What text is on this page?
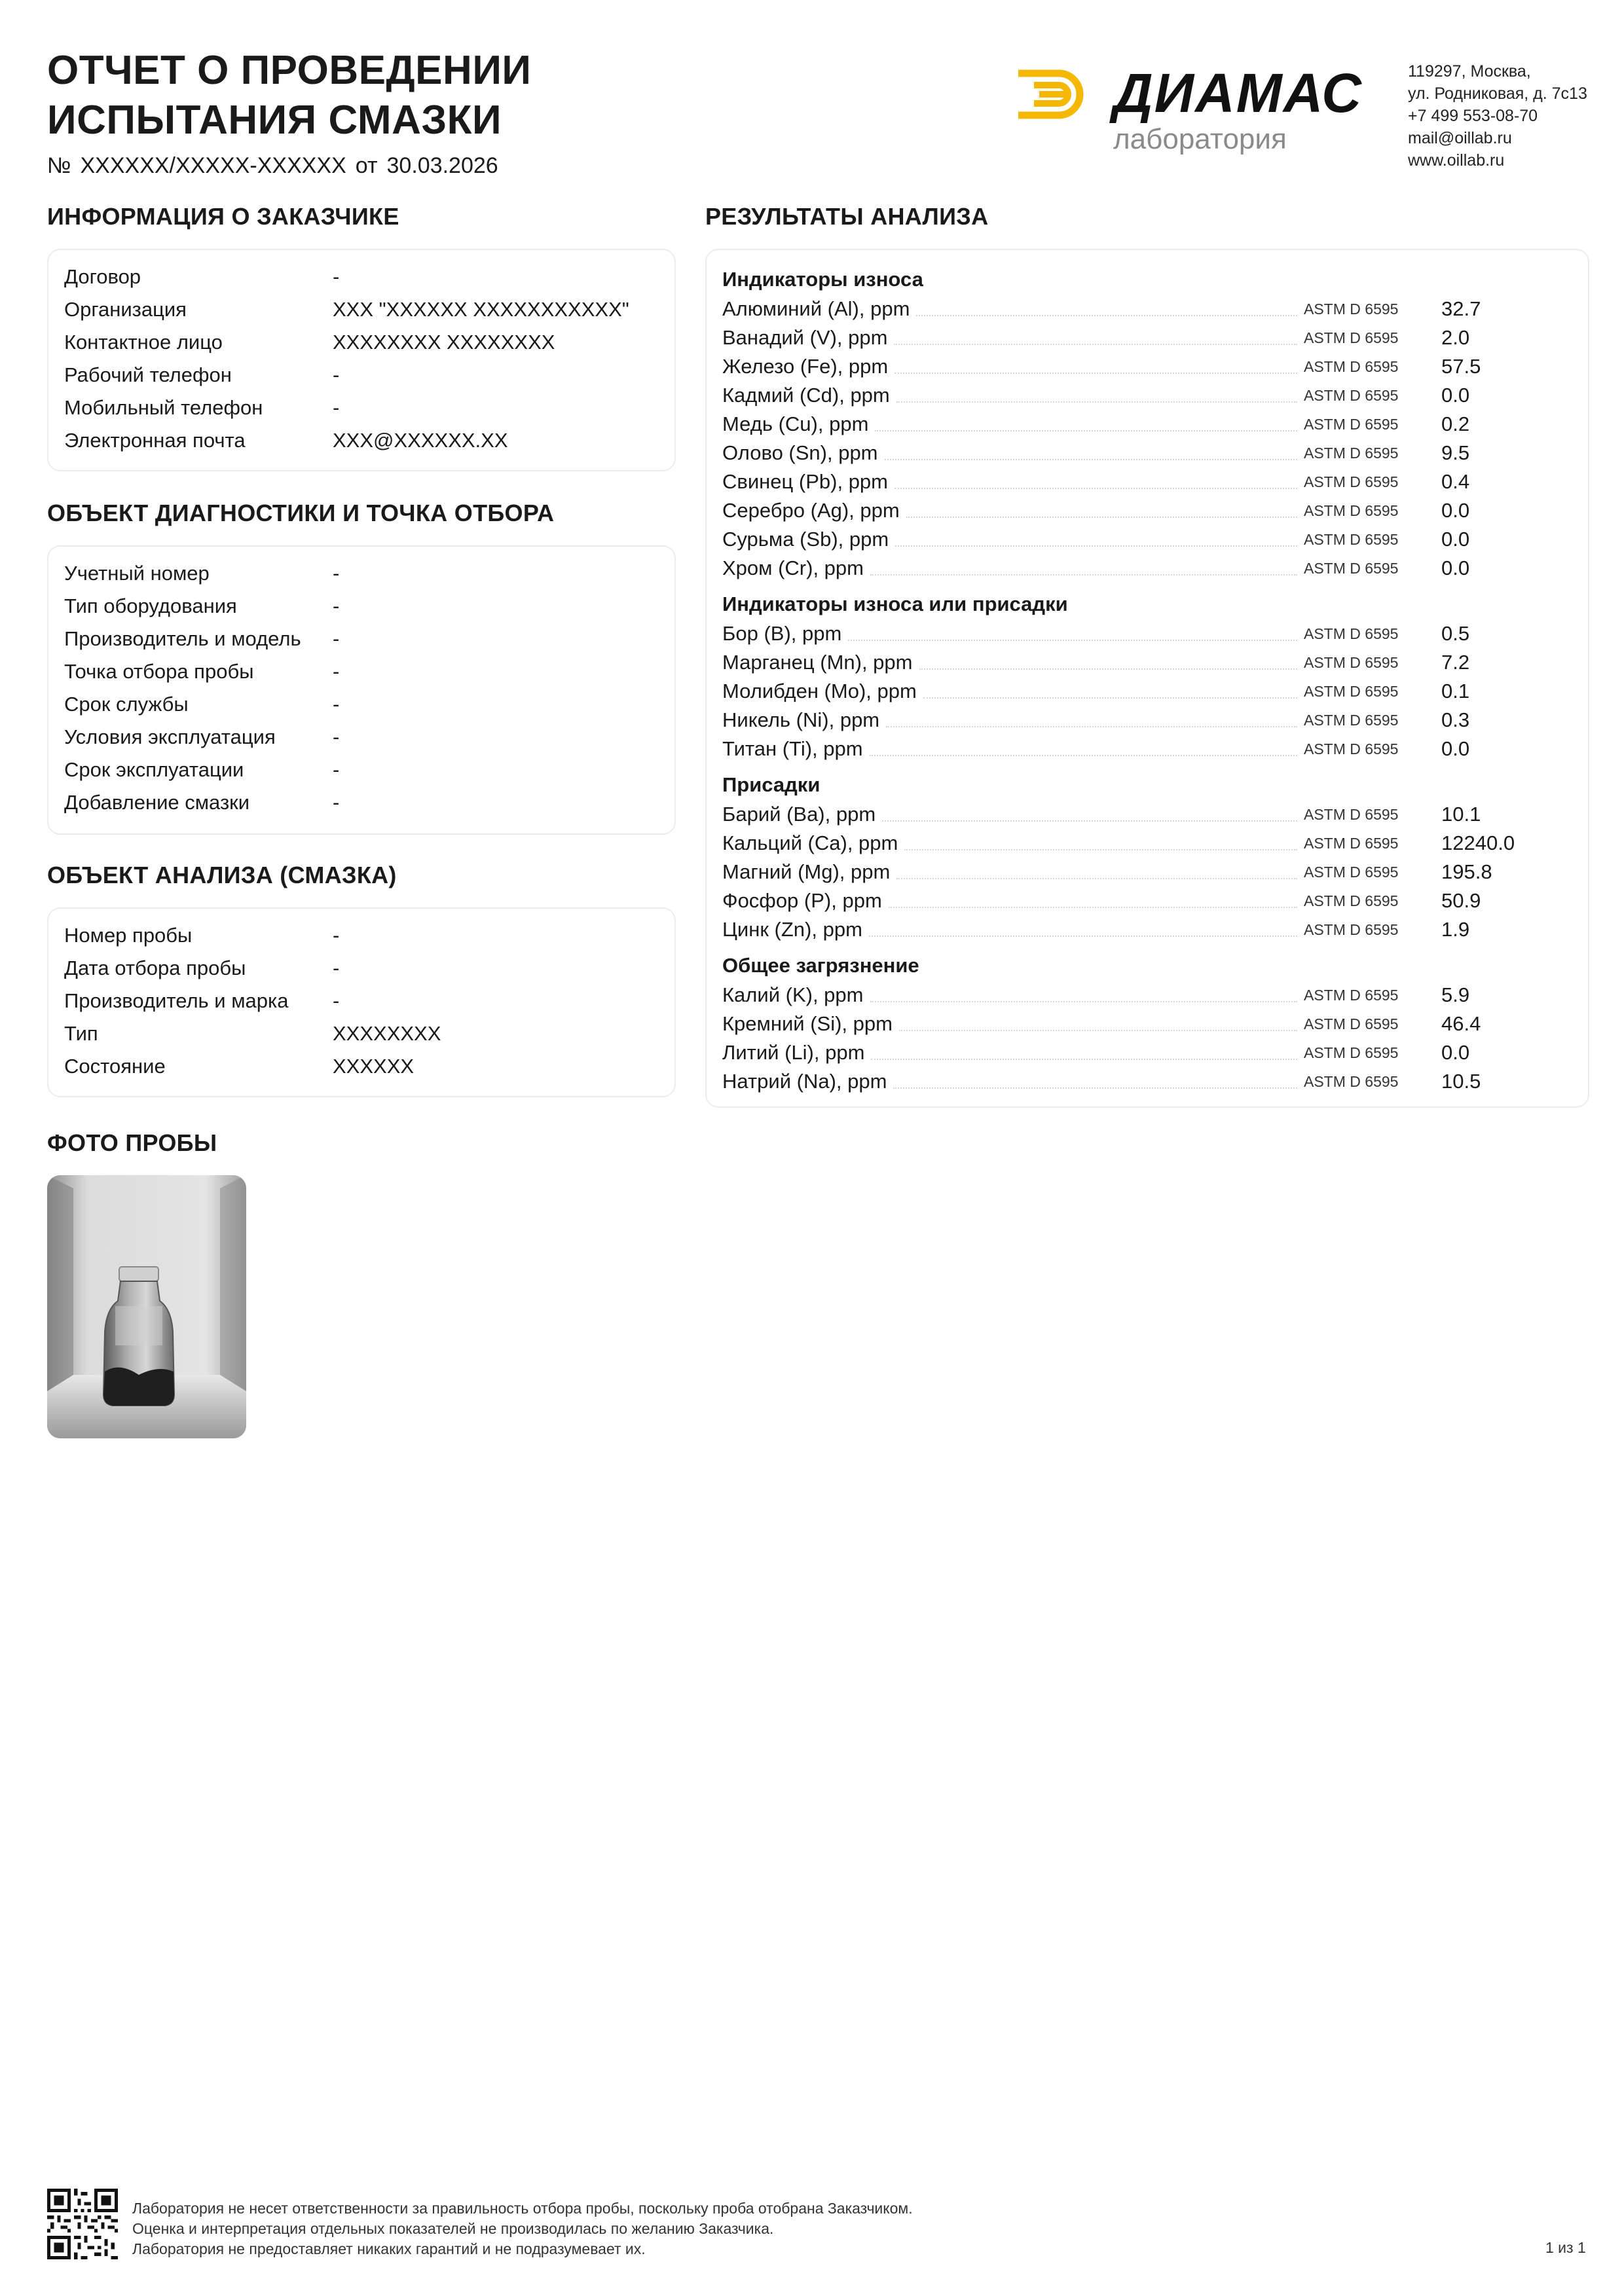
ОТЧЕТ О ПРОВЕДЕНИИ
ИСПЫТАНИЯ СМАЗКИ
№ XXXXXX/XXXXX-XXXXXX от 30.03.2026
ДИАМАС
лаборатория
119297, Москва,
ул. Родниковая, д. 7с13
+7 499 553-08-70
mail@oillab.ru
www.oillab.ru
ИНФОРМАЦИЯ О ЗАКАЗЧИКЕ
Договор	-
Организация	XXX "XXXXXX XXXXXXXXXXX"
Контактное лицо	XXXXXXXX XXXXXXXX
Рабочий телефон	-
Мобильный телефон	-
Электронная почта	XXX@XXXXXX.XX
ОБЪЕКТ ДИАГНОСТИКИ И ТОЧКА ОТБОРА
Учетный номер	-
Тип оборудования	-
Производитель и модель	-
Точка отбора пробы	-
Срок службы	-
Условия эксплуатация	-
Срок эксплуатации	-
Добавление смазки	-
ОБЪЕКТ АНАЛИЗА (СМАЗКА)
Номер пробы	-
Дата отбора пробы	-
Производитель и марка	-
Тип	XXXXXXXX
Состояние	XXXXXX
ФОТО ПРОБЫ
РЕЗУЛЬТАТЫ АНАЛИЗА
Индикаторы износа
Алюминий (Al), ppm	ASTM D 6595	32.7
Ванадий (V), ppm	ASTM D 6595	2.0
Железо (Fe), ppm	ASTM D 6595	57.5
Кадмий (Cd), ppm	ASTM D 6595	0.0
Медь (Cu), ppm	ASTM D 6595	0.2
Олово (Sn), ppm	ASTM D 6595	9.5
Свинец (Pb), ppm	ASTM D 6595	0.4
Серебро (Ag), ppm	ASTM D 6595	0.0
Сурьма (Sb), ppm	ASTM D 6595	0.0
Хром (Cr), ppm	ASTM D 6595	0.0
Индикаторы износа или присадки
Бор (B), ppm	ASTM D 6595	0.5
Марганец (Mn), ppm	ASTM D 6595	7.2
Молибден (Mo), ppm	ASTM D 6595	0.1
Никель (Ni), ppm	ASTM D 6595	0.3
Титан (Ti), ppm	ASTM D 6595	0.0
Присадки
Барий (Ba), ppm	ASTM D 6595	10.1
Кальций (Ca), ppm	ASTM D 6595	12240.0
Магний (Mg), ppm	ASTM D 6595	195.8
Фосфор (P), ppm	ASTM D 6595	50.9
Цинк (Zn), ppm	ASTM D 6595	1.9
Общее загрязнение
Калий (K), ppm	ASTM D 6595	5.9
Кремний (Si), ppm	ASTM D 6595	46.4
Литий (Li), ppm	ASTM D 6595	0.0
Натрий (Na), ppm	ASTM D 6595	10.5
Лаборатория не несет ответственности за правильность отбора пробы, поскольку проба отобрана Заказчиком.
Оценка и интерпретация отдельных показателей не производилась по желанию Заказчика.
Лаборатория не предоставляет никаких гарантий и не подразумевает их.	1 из 1
